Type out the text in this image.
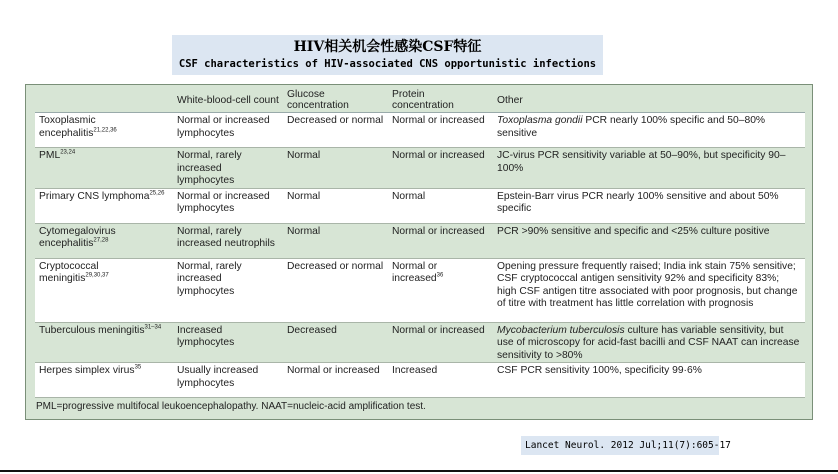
HIV相关机会性感染CSF特征
CSF characteristics of HIV-associated CNS opportunistic infections
	White-blood-cell count	Glucose concentration	Protein concentration	Other
Toxoplasmic encephalitis$^{21,22,36}$	Normal or increased lymphocytes	Decreased or normal	Normal or increased	Toxoplasma gondii PCR nearly 100% specific and 50–80% sensitive
PML$^{23,24}$	Normal, rarely increased lymphocytes	Normal	Normal or increased	JC-virus PCR sensitivity variable at 50–90%, but specificity 90–100%
Primary CNS lymphoma$^{25,26}$	Normal or increased lymphocytes	Normal	Normal	Epstein-Barr virus PCR nearly 100% sensitive and about 50% specific
Cytomegalovirus encephalitis$^{27,28}$	Normal, rarely increased neutrophils	Normal	Normal or increased	PCR >90% sensitive and specific and <25% culture positive
Cryptococcal meningitis$^{29,30,37}$	Normal, rarely increased lymphocytes	Decreased or normal	Normal or increased$^{36}$	Opening pressure frequently raised; India ink stain 75% sensitive; CSF cryptococcal antigen sensitivity 92% and specificity 83%; high CSF antigen titre associated with poor prognosis, but change of titre with treatment has little correlation with prognosis
Tuberculous meningitis$^{31-34}$	Increased lymphocytes	Decreased	Normal or increased	Mycobacterium tuberculosis culture has variable sensitivity, but use of microscopy for acid-fast bacilli and CSF NAAT can increase sensitivity to >80%
Herpes simplex virus$^{35}$	Usually increased lymphocytes	Normal or increased	Increased	CSF PCR sensitivity 100%, specificity 99·6%
PML=progressive multifocal leukoencephalopathy. NAAT=nucleic-acid amplification test.
Lancet Neurol. 2012 Jul;11(7):605-17
